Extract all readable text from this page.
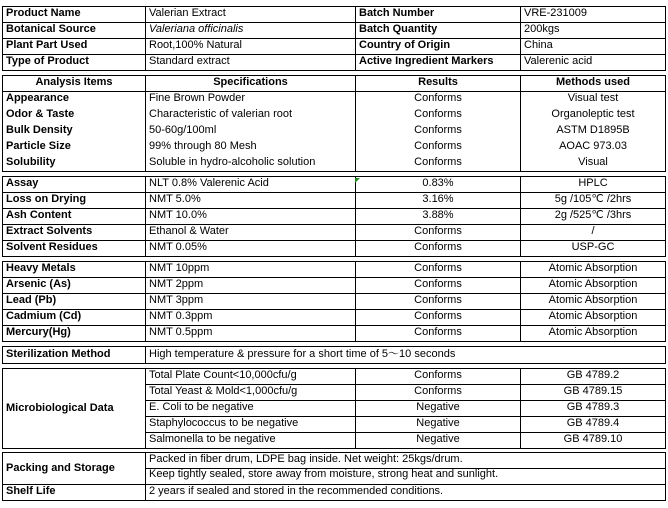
Product Name	Valerian Extract	Batch Number	VRE-231009
Botanical Source	Valeriana officinalis	Batch Quantity	200kgs
Plant Part Used	Root,100% Natural	Country of Origin	China
Type of Product	Standard extract	Active Ingredient Markers	Valerenic acid
Analysis Items	Specifications	Results	Methods used
Appearance	Fine Brown Powder	Conforms	Visual test
Odor & Taste	Characteristic of valerian root	Conforms	Organoleptic test
Bulk Density	50-60g/100ml	Conforms	ASTM D1895B
Particle Size	99% through 80 Mesh	Conforms	AOAC 973.03
Solubility	Soluble in hydro-alcoholic solution	Conforms	Visual
Assay	NLT 0.8% Valerenic Acid	0.83%	HPLC
Loss on Drying	NMT 5.0%	3.16%	5g /105℃ /2hrs
Ash Content	NMT 10.0%	3.88%	2g /525℃ /3hrs
Extract Solvents	Ethanol & Water	Conforms	/
Solvent Residues	NMT 0.05%	Conforms	USP-GC
Heavy Metals	NMT 10ppm	Conforms	Atomic Absorption
Arsenic (As)	NMT 2ppm	Conforms	Atomic Absorption
Lead (Pb)	NMT 3ppm	Conforms	Atomic Absorption
Cadmium (Cd)	NMT 0.3ppm	Conforms	Atomic Absorption
Mercury(Hg)	NMT 0.5ppm	Conforms	Atomic Absorption
Sterilization Method	High temperature & pressure for a short time of 5～10 seconds
Microbiological Data
Total Plate Count<10,000cfu/g	Conforms	GB 4789.2
Total Yeast & Mold<1,000cfu/g	Conforms	GB 4789.15
E. Coli to be negative	Negative	GB 4789.3
Staphylococcus to be negative	Negative	GB 4789.4
Salmonella to be negative	Negative	GB 4789.10
Packing and Storage
Packed in fiber drum, LDPE bag inside. Net weight: 25kgs/drum.
Keep tightly sealed, store away from moisture, strong heat and sunlight.
Shelf Life	2 years if sealed and stored in the recommended conditions.
